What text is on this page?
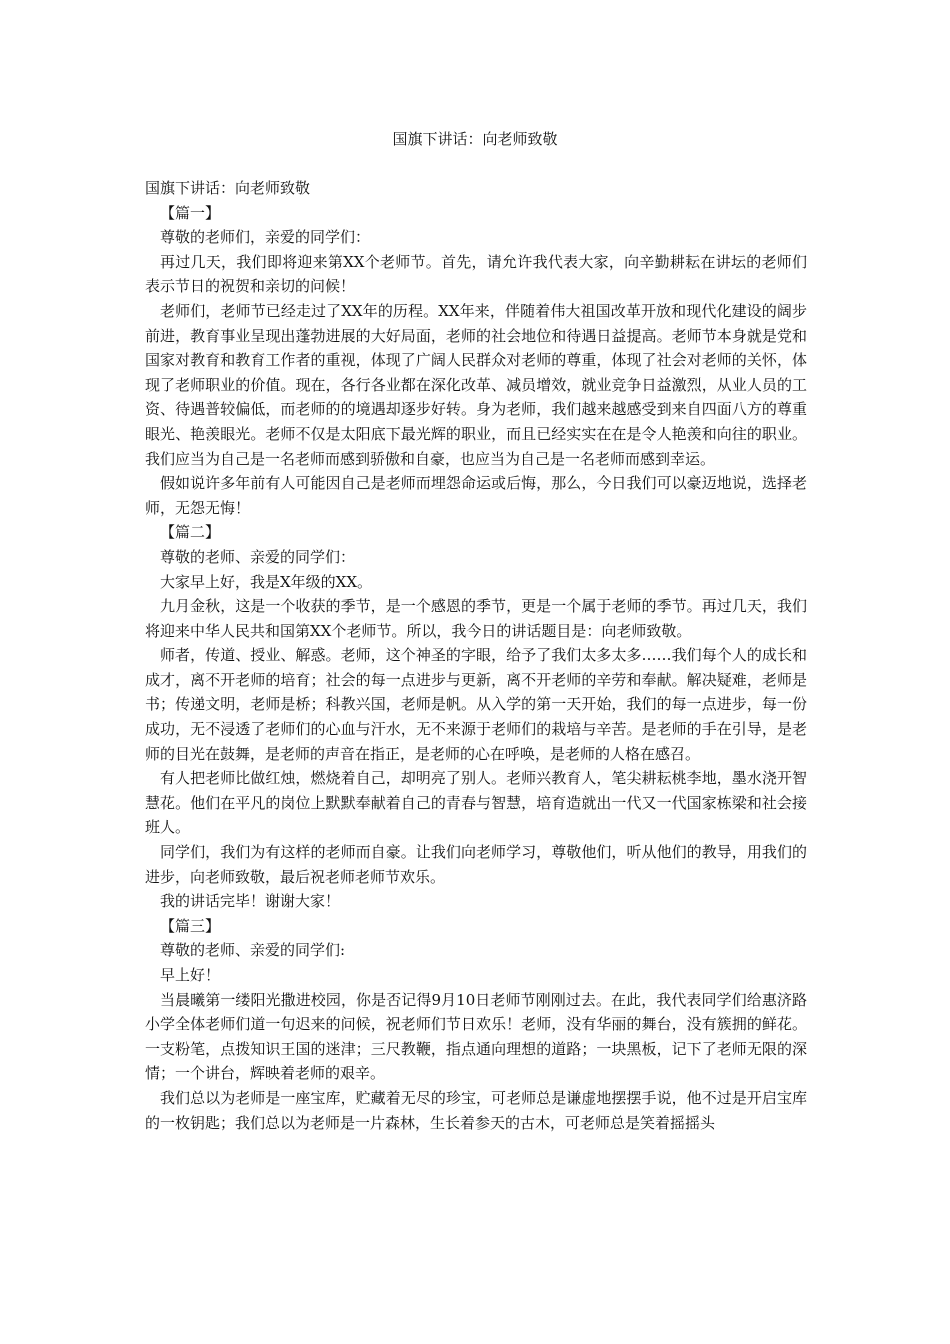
国旗下讲话：向老师致敬

国旗下讲话：向老师致敬

【篇一】

尊敬的老师们，亲爱的同学们：

再过几天，我们即将迎来第XX个老师节。首先，请允许我代表大家，向辛勤耕耘在讲坛的老师们表示节日的祝贺和亲切的问候！

老师们，老师节已经走过了XX年的历程。XX年来，伴随着伟大祖国改革开放和现代化建设的阔步前进，教育事业呈现出蓬勃进展的大好局面，老师的社会地位和待遇日益提高。老师节本身就是党和国家对教育和教育工作者的重视，体现了广阔人民群众对老师的尊重，体现了社会对老师的关怀，体现了老师职业的价值。现在，各行各业都在深化改革、减员增效，就业竞争日益激烈，从业人员的工资、待遇普较偏低，而老师的的境遇却逐步好转。身为老师，我们越来越感受到来自四面八方的尊重眼光、艳羡眼光。老师不仅是太阳底下最光辉的职业，而且已经实实在在是令人艳羡和向往的职业。我们应当为自己是一名老师而感到骄傲和自豪，也应当为自己是一名老师而感到幸运。

假如说许多年前有人可能因自己是老师而埋怨命运或后悔，那么，今日我们可以豪迈地说，选择老师，无怨无悔！

【篇二】

尊敬的老师、亲爱的同学们：

大家早上好，我是X年级的XX。

九月金秋，这是一个收获的季节，是一个感恩的季节，更是一个属于老师的季节。再过几天，我们将迎来中华人民共和国第XX个老师节。所以，我今日的讲话题目是：向老师致敬。

师者，传道、授业、解惑。老师，这个神圣的字眼，给予了我们太多太多……我们每个人的成长和成才，离不开老师的培育；社会的每一点进步与更新，离不开老师的辛劳和奉献。解决疑难，老师是书；传递文明，老师是桥；科教兴国，老师是帆。从入学的第一天开始，我们的每一点进步，每一份成功，无不浸透了老师们的心血与汗水，无不来源于老师们的栽培与辛苦。是老师的手在引导，是老师的目光在鼓舞，是老师的声音在指正，是老师的心在呼唤，是老师的人格在感召。

有人把老师比做红烛，燃烧着自己，却明亮了别人。老师兴教育人，笔尖耕耘桃李地，墨水浇开智慧花。他们在平凡的岗位上默默奉献着自己的青春与智慧，培育造就出一代又一代国家栋梁和社会接班人。

同学们，我们为有这样的老师而自豪。让我们向老师学习，尊敬他们，听从他们的教导，用我们的进步，向老师致敬，最后祝老师老师节欢乐。

我的讲话完毕！谢谢大家！

【篇三】

尊敬的老师、亲爱的同学们:

早上好！

当晨曦第一缕阳光撒进校园，你是否记得9月10日老师节刚刚过去。在此，我代表同学们给惠济路小学全体老师们道一句迟来的问候，祝老师们节日欢乐！老师，没有华丽的舞台，没有簇拥的鲜花。一支粉笔，点拨知识王国的迷津；三尺教鞭，指点通向理想的道路；一块黑板，记下了老师无限的深情；一个讲台，辉映着老师的艰辛。

我们总以为老师是一座宝库，贮藏着无尽的珍宝，可老师总是谦虚地摆摆手说，他不过是开启宝库的一枚钥匙；我们总以为老师是一片森林，生长着参天的古木，可老师总是笑着摇摇头
